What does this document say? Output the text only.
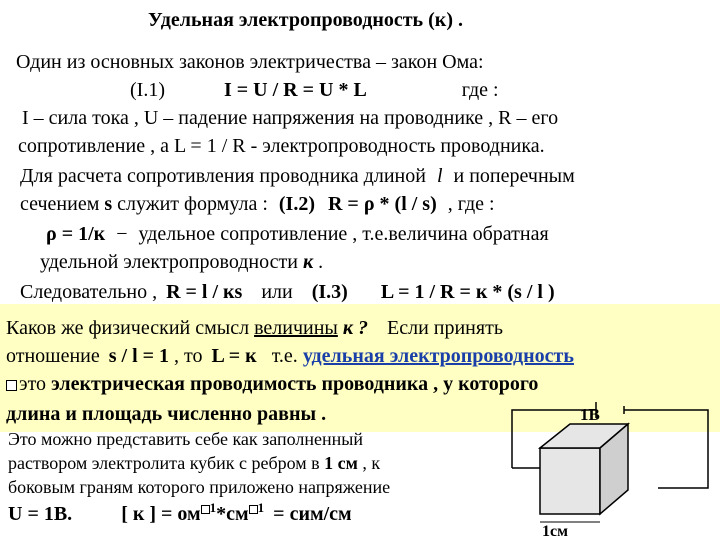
Удельная электропроводность (к) .
Один из основных законов электричества – закон Ома:
(I.1)	I = U / R = U * L	где :
I – сила тока , U – падение напряжения на проводнике , R – его
сопротивление , а L = 1 / R - электропроводность проводника.
Для расчета сопротивления проводника длиной l и поперечным
сечением s служит формула : (I.2) R = ρ * (l / s) , где :
ρ = 1/к − удельное сопротивление , т.е.величина обратная
удельной электропроводности к .
Следовательно , R = l / кs или (I.3) L = 1 / R = к * (s / l )
Каков же физический смысл величины к ? Если принять
отношение s / l = 1 , то L = к т.е. удельная электропроводность
это электрическая проводимость проводника , у которого
длина и площадь численно равны .
Это можно представить себе как заполненный
раствором электролита кубик с ребром в 1 см , к
боковым граням которого приложено напряжение
U = 1B. [ к ] = ом $^1$*см $^1$ = сим/см
1B
1см
